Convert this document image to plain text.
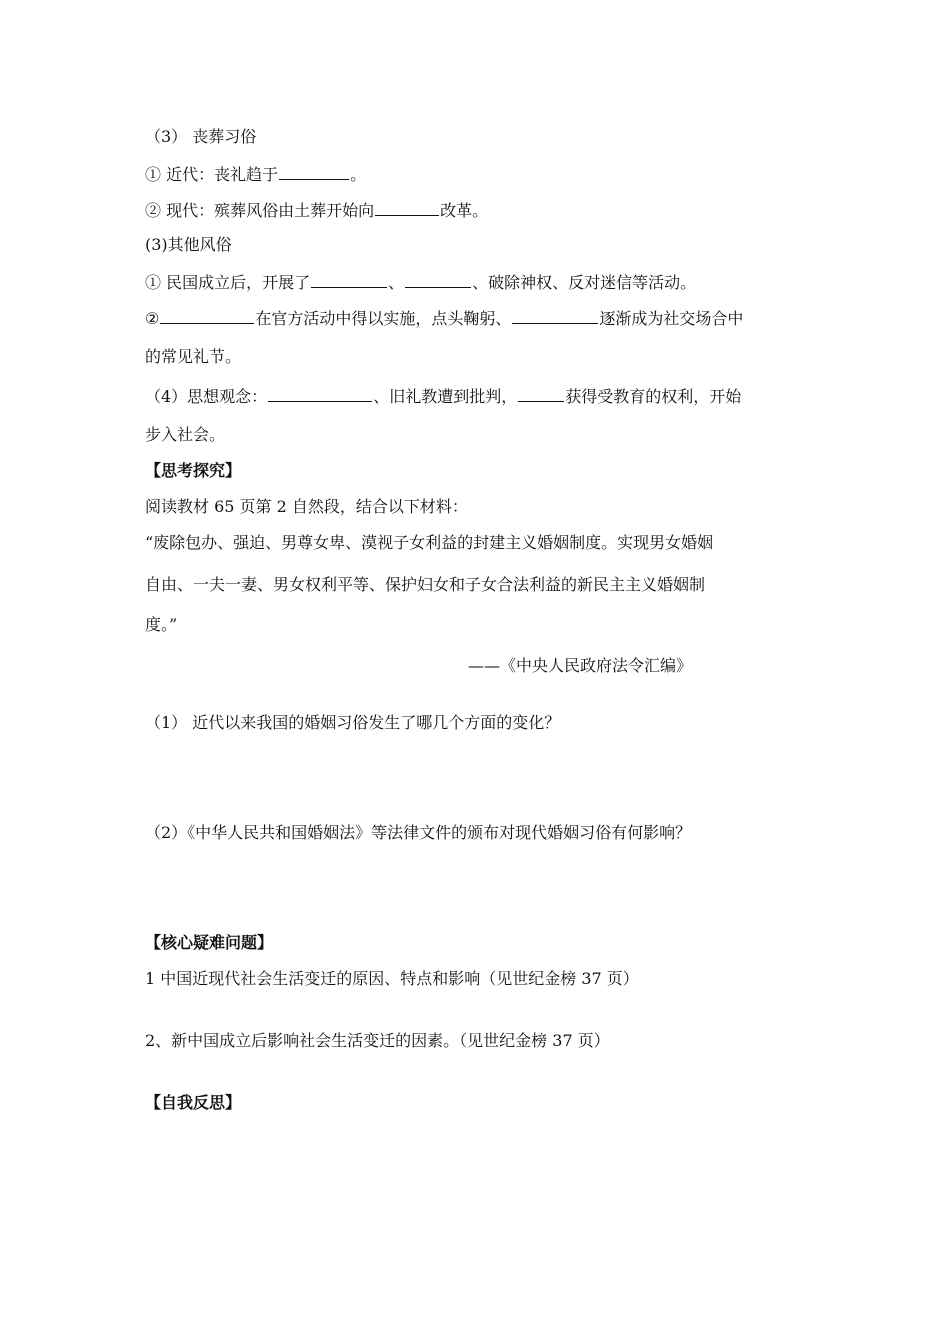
（3） 丧葬习俗
① 近代：丧礼趋于	。
② 现代：殡葬风俗由土葬开始向	改革。
(3)其他风俗
① 民国成立后，开展了	、	、破除神权、反对迷信等活动。
②	在官方活动中得以实施，点头鞠躬、	逐渐成为社交场合中
的常见礼节。
（4）思想观念：	、旧礼教遭到批判，	获得受教育的权利，开始
步入社会。
【思考探究】
阅读教材 65 页第 2 自然段，结合以下材料：
“废除包办、强迫、男尊女卑、漠视子女利益的封建主义婚姻制度。实现男女婚姻
自由、一夫一妻、男女权利平等、保护妇女和子女合法利益的新民主主义婚姻制
度。”
——《中央人民政府法令汇编》
（1） 近代以来我国的婚姻习俗发生了哪几个方面的变化？
（2）《中华人民共和国婚姻法》等法律文件的颁布对现代婚姻习俗有何影响？
【核心疑难问题】
1 中国近现代社会生活变迁的原因、特点和影响（见世纪金榜 37 页）
2、新中国成立后影响社会生活变迁的因素。（见世纪金榜 37 页）
【自我反思】
